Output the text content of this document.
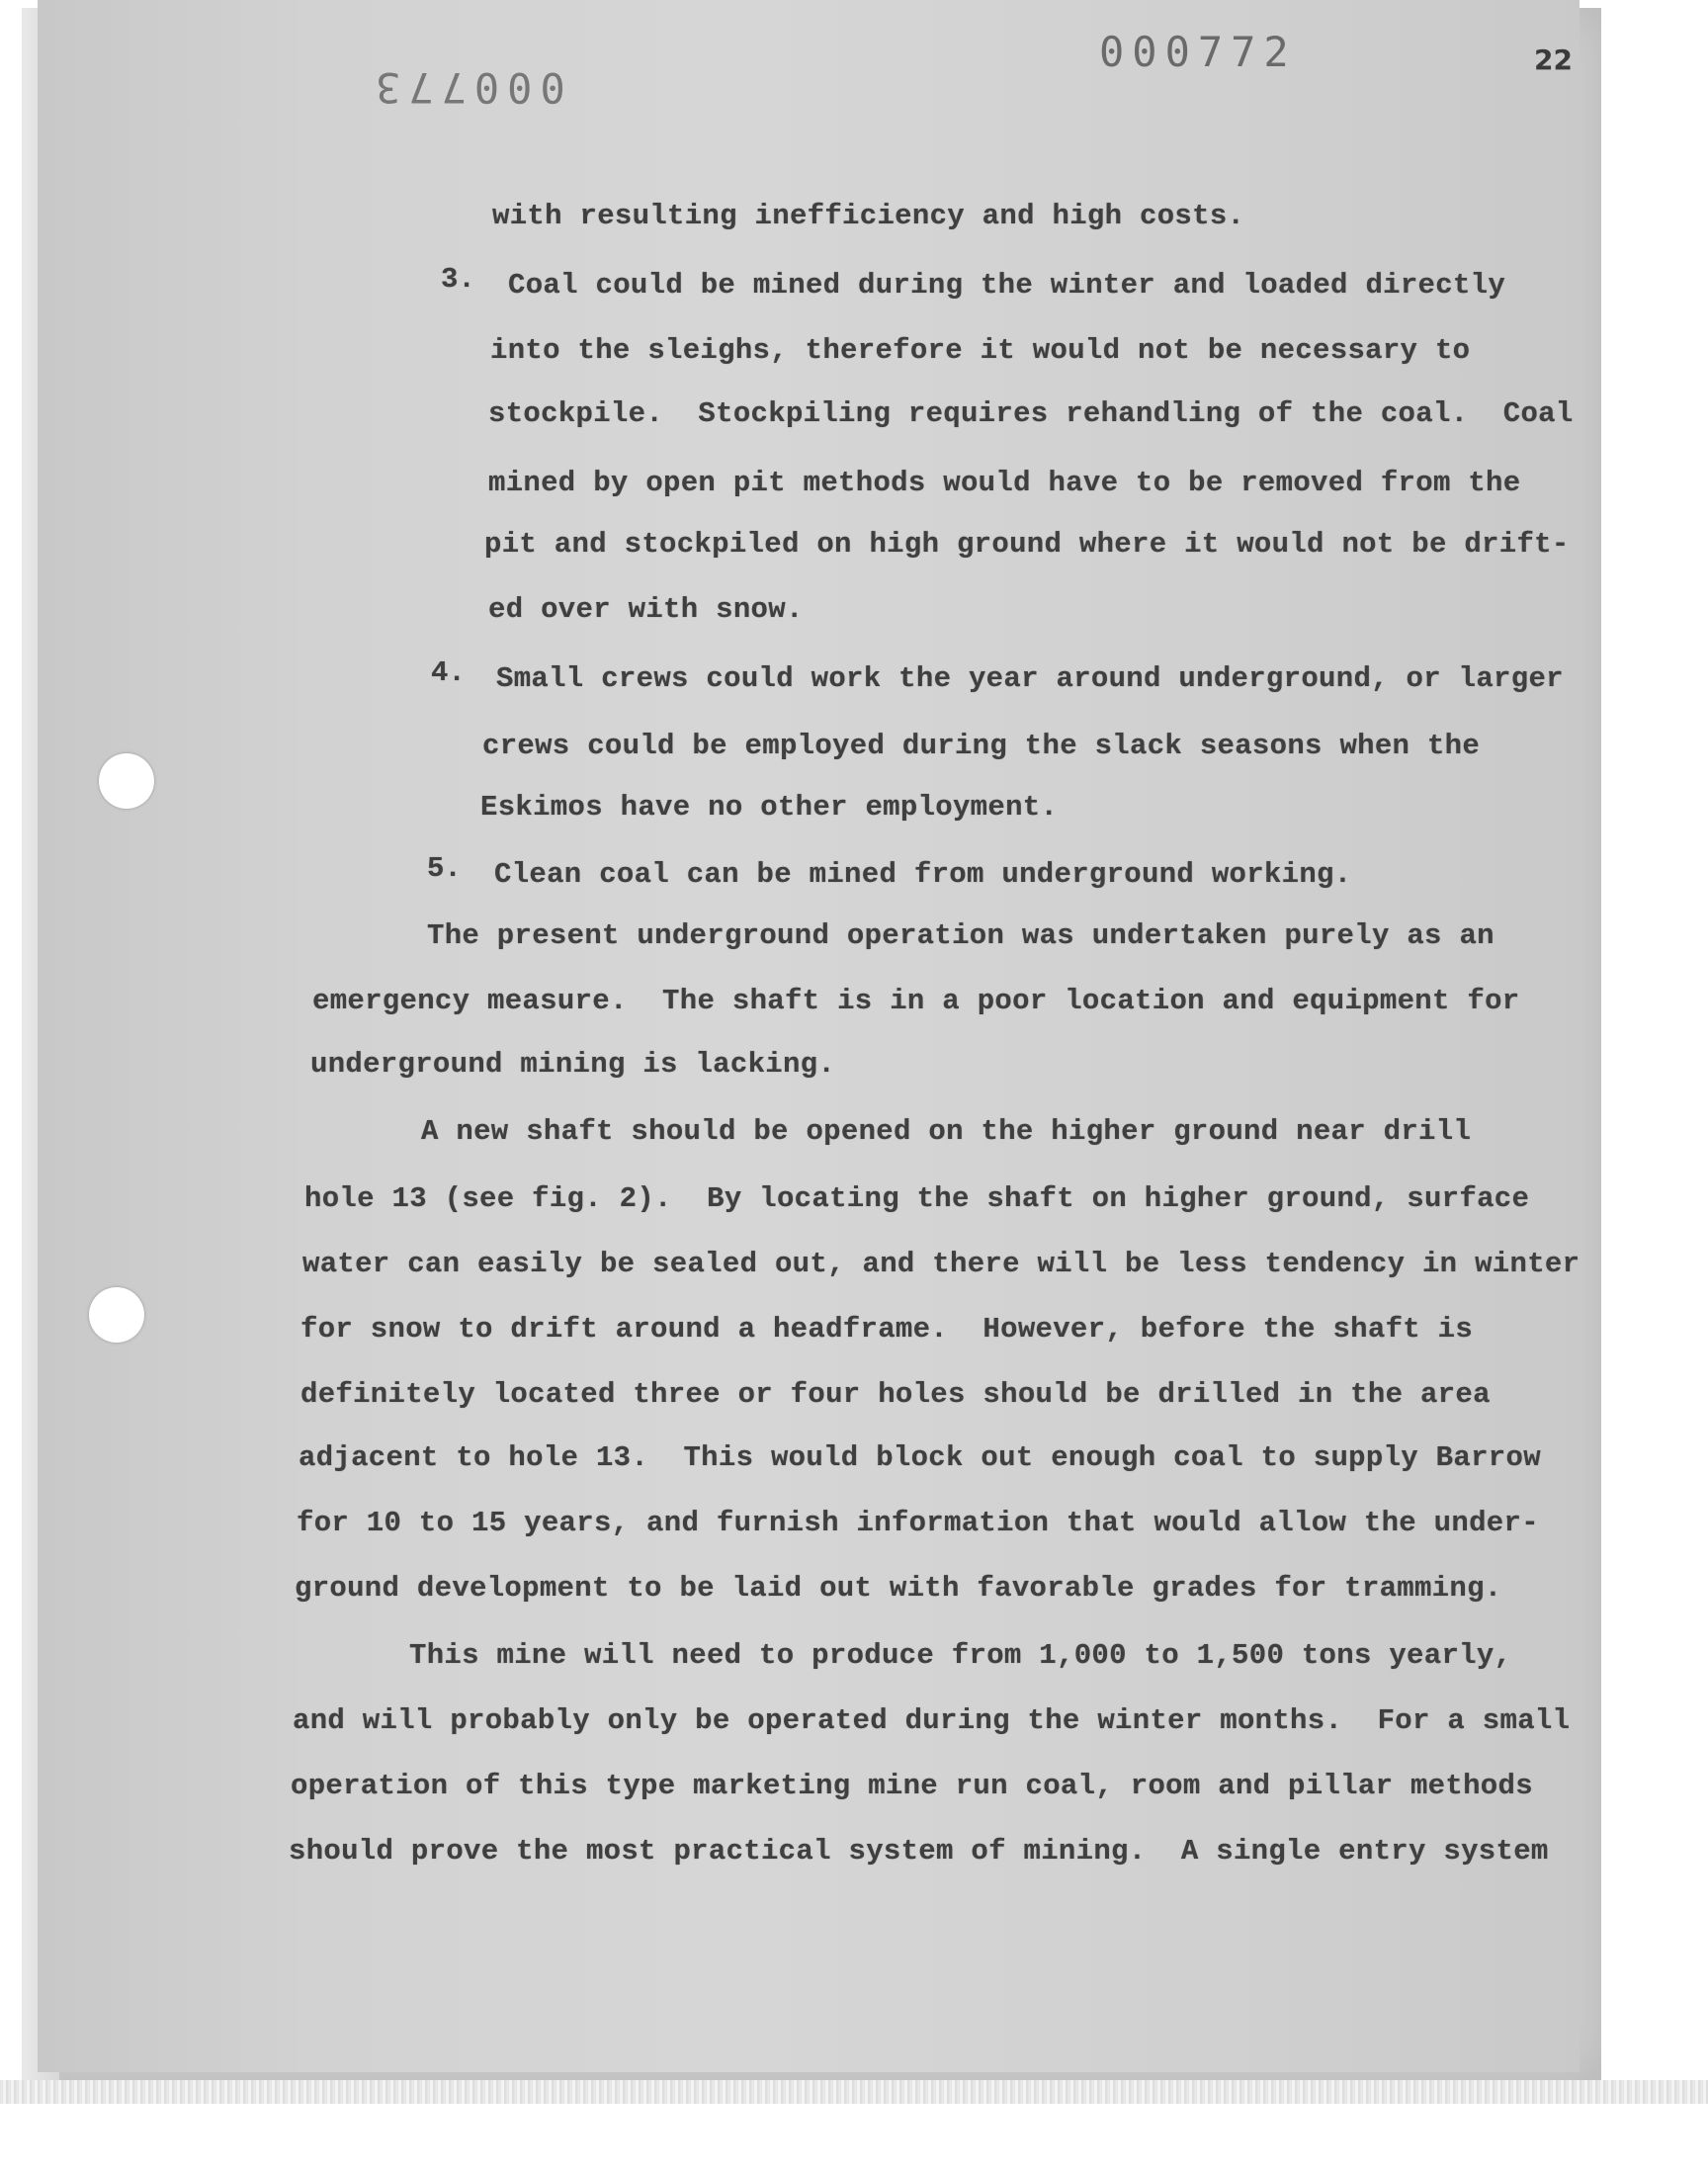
000772
000773
22
with resulting inefficiency and high costs.
3. Coal could be mined during the winter and loaded directly
into the sleighs, therefore it would not be necessary to
stockpile.  Stockpiling requires rehandling of the coal.  Coal
mined by open pit methods would have to be removed from the
pit and stockpiled on high ground where it would not be drift-
ed over with snow.
4. Small crews could work the year around underground, or larger
crews could be employed during the slack seasons when the
Eskimos have no other employment.
5. Clean coal can be mined from underground working.
The present underground operation was undertaken purely as an
emergency measure.  The shaft is in a poor location and equipment for
underground mining is lacking.
A new shaft should be opened on the higher ground near drill
hole 13 (see fig. 2).  By locating the shaft on higher ground, surface
water can easily be sealed out, and there will be less tendency in winter
for snow to drift around a headframe.  However, before the shaft is
definitely located three or four holes should be drilled in the area
adjacent to hole 13.  This would block out enough coal to supply Barrow
for 10 to 15 years, and furnish information that would allow the under-
ground development to be laid out with favorable grades for tramming.
This mine will need to produce from 1,000 to 1,500 tons yearly,
and will probably only be operated during the winter months.  For a small
operation of this type marketing mine run coal, room and pillar methods
should prove the most practical system of mining.  A single entry system
